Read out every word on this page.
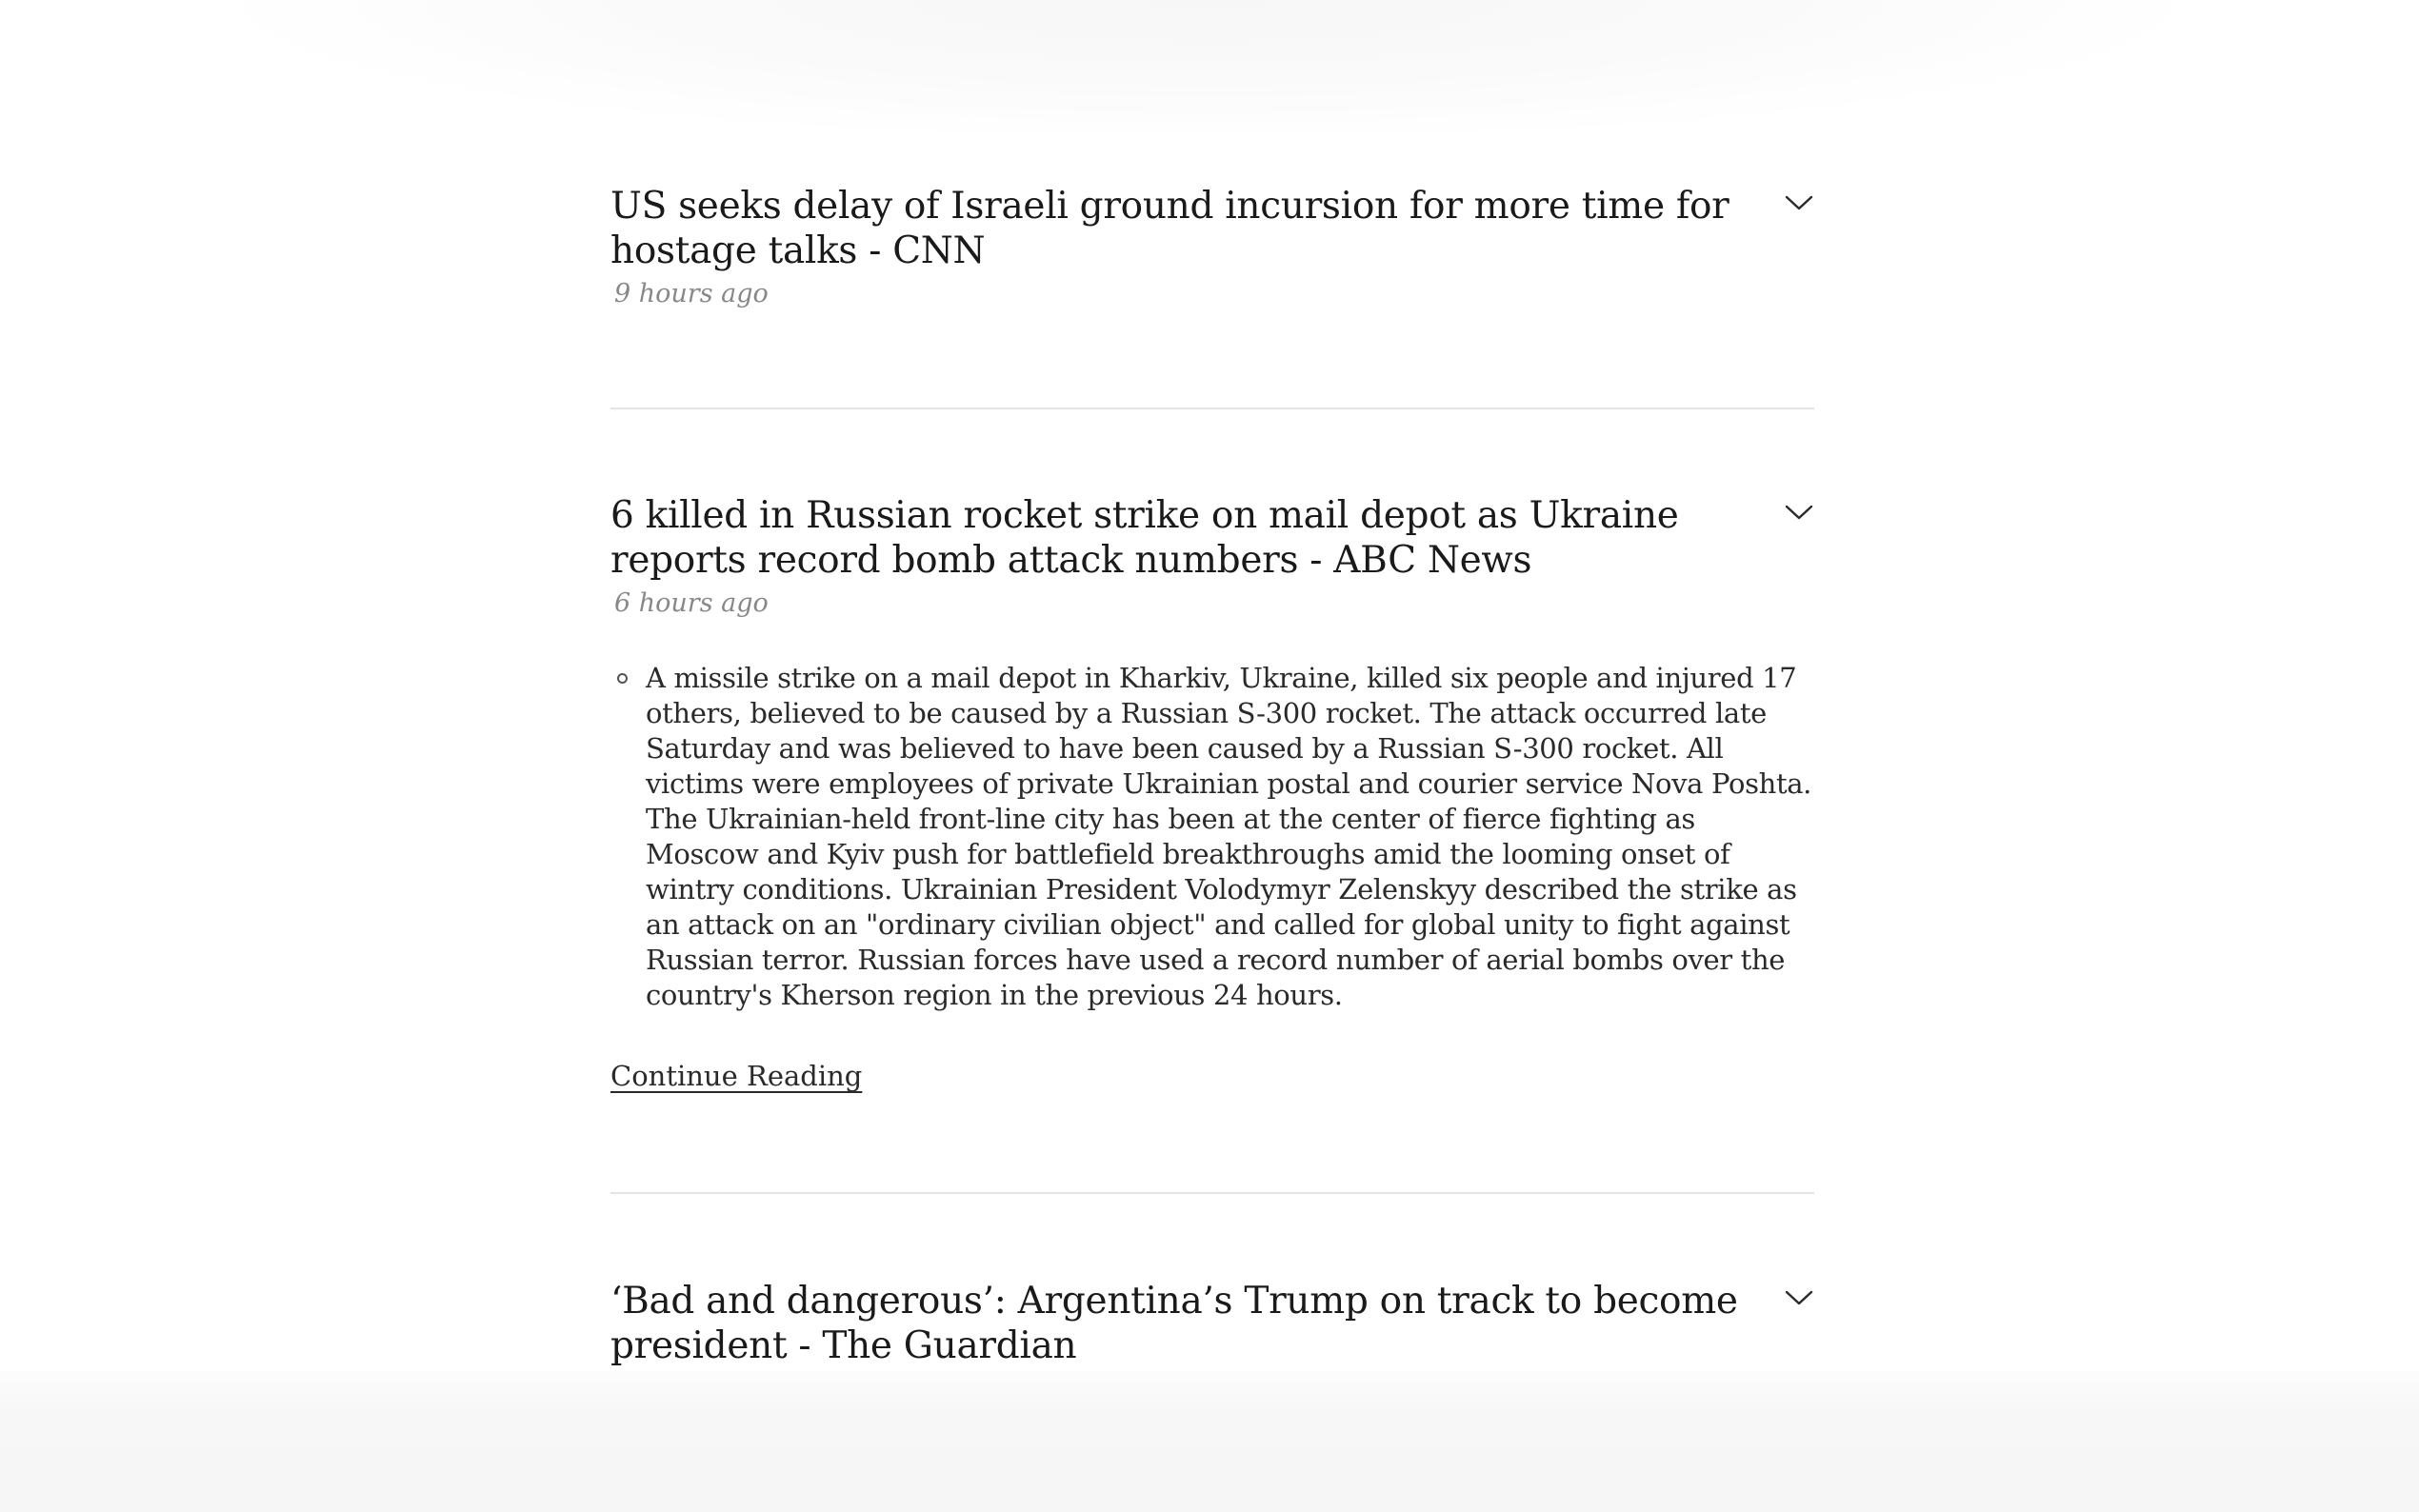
US seeks delay of Israeli ground incursion for more time for hostage talks - CNN
9 hours ago
6 killed in Russian rocket strike on mail depot as Ukraine reports record bomb attack numbers - ABC News
6 hours ago

A missile strike on a mail depot in Kharkiv, Ukraine, killed six people and injured 17 others, believed to be caused by a Russian S-300 rocket. The attack occurred late Saturday and was believed to have been caused by a Russian S-300 rocket. All victims were employees of private Ukrainian postal and courier service Nova Poshta. The Ukrainian-held front-line city has been at the center of fierce fighting as Moscow and Kyiv push for battlefield breakthroughs amid the looming onset of wintry conditions. Ukrainian President Volodymyr Zelenskyy described the strike as an attack on an "ordinary civilian object" and called for global unity to fight against Russian terror. Russian forces have used a record number of aerial bombs over the country's Kherson region in the previous 24 hours.

Continue Reading
‘Bad and dangerous’: Argentina’s Trump on track to become president - The Guardian
